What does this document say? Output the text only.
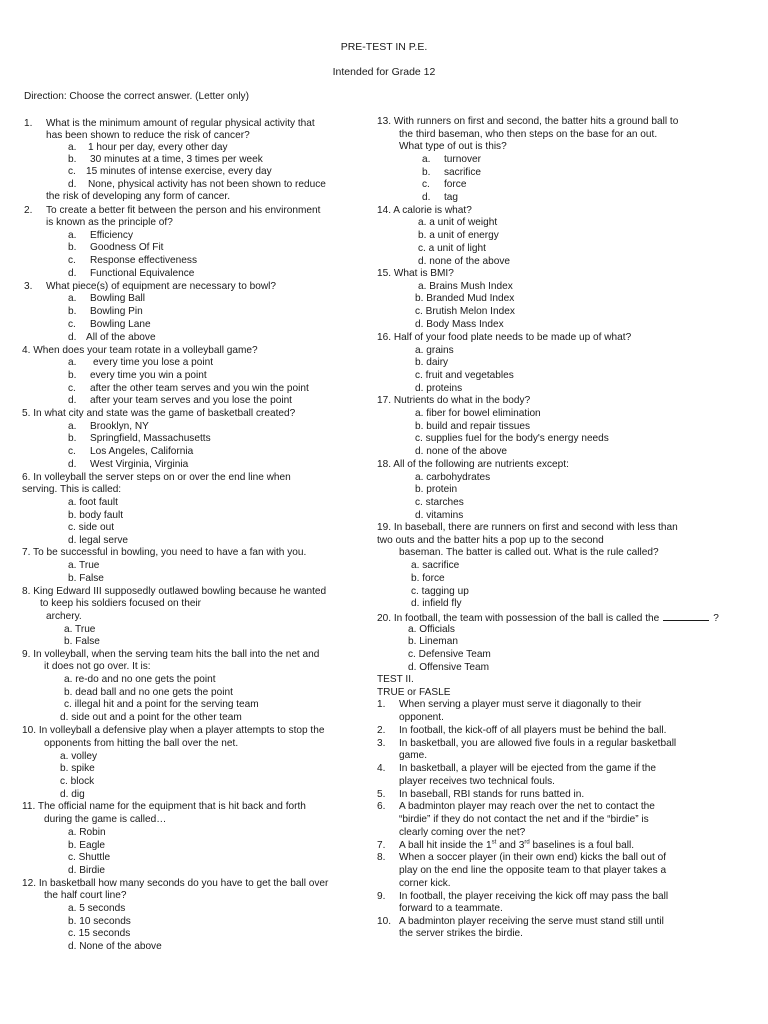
PRE-TEST IN P.E.
Intended for Grade 12
Direction: Choose the correct answer. (Letter only)
1. What is the minimum amount of regular physical activity that
has been shown to reduce the risk of cancer?
a. 1 hour per day, every other day
b. 30 minutes at a time, 3 times per week
c. 15 minutes of intense exercise, every day
d. None, physical activity has not been shown to reduce
the risk of developing any form of cancer.
2. To create a better fit between the person and his environment
is known as the principle of?
a. Efficiency
b. Goodness Of Fit
c. Response effectiveness
d. Functional Equivalence
3. What piece(s) of equipment are necessary to bowl?
a. Bowling Ball
b. Bowling Pin
c. Bowling Lane
d. All of the above
4. When does your team rotate in a volleyball game?
a. every time you lose a point
b. every time you win a point
c. after the other team serves and you win the point
d. after your team serves and you lose the point
5. In what city and state was the game of basketball created?
a. Brooklyn, NY
b. Springfield, Massachusetts
c. Los Angeles, California
d. West Virginia, Virginia
6. In volleyball the server steps on or over the end line when
serving. This is called:
a. foot fault
b. body fault
c. side out
d. legal serve
7. To be successful in bowling, you need to have a fan with you.
a. True
b. False
8. King Edward III supposedly outlawed bowling because he wanted
to keep his soldiers focused on their
archery.
a. True
b. False
9. In volleyball, when the serving team hits the ball into the net and
it does not go over. It is:
a. re-do and no one gets the point
b. dead ball and no one gets the point
c. illegal hit and a point for the serving team
d. side out and a point for the other team
10. In volleyball a defensive play when a player attempts to stop the
opponents from hitting the ball over the net.
a. volley
b. spike
c. block
d. dig
11. The official name for the equipment that is hit back and forth
during the game is called…
a. Robin
b. Eagle
c. Shuttle
d. Birdie
12. In basketball how many seconds do you have to get the ball over
the half court line?
a. 5 seconds
b. 10 seconds
c. 15 seconds
d. None of the above
13. With runners on first and second, the batter hits a ground ball to
the third baseman, who then steps on the base for an out.
What type of out is this?
a. turnover
b. sacrifice
c. force
d. tag
14. A calorie is what?
a. a unit of weight
b. a unit of energy
c. a unit of light
d. none of the above
15. What is BMI?
a. Brains Mush Index
b. Branded Mud Index
c. Brutish Melon Index
d. Body Mass Index
16. Half of your food plate needs to be made up of what?
a. grains
b. dairy
c. fruit and vegetables
d. proteins
17. Nutrients do what in the body?
a. fiber for bowel elimination
b. build and repair tissues
c. supplies fuel for the body's energy needs
d. none of the above
18. All of the following are nutrients except:
a. carbohydrates
b. protein
c. starches
d. vitamins
19. In baseball, there are runners on first and second with less than
two outs and the batter hits a pop up to the second
baseman. The batter is called out. What is the rule called?
a. sacrifice
b. force
c. tagging up
d. infield fly
20. In football, the team with possession of the ball is called the	?
a. Officials
b. Lineman
c. Defensive Team
d. Offensive Team
TEST II.
TRUE or FASLE
1. When serving a player must serve it diagonally to their
opponent.
2. In football, the kick-off of all players must be behind the ball.
3. In basketball, you are allowed five fouls in a regular basketball
game.
4. In basketball, a player will be ejected from the game if the
player receives two technical fouls.
5. In baseball, RBI stands for runs batted in.
6. A badminton player may reach over the net to contact the
“birdie” if they do not contact the net and if the “birdie” is
clearly coming over the net?
7. A ball hit inside the 1st and 3rd baselines is a foul ball.
8. When a soccer player (in their own end) kicks the ball out of
play on the end line the opposite team to that player takes a
corner kick.
9. In football, the player receiving the kick off may pass the ball
forward to a teammate.
10. A badminton player receiving the serve must stand still until
the server strikes the birdie.
